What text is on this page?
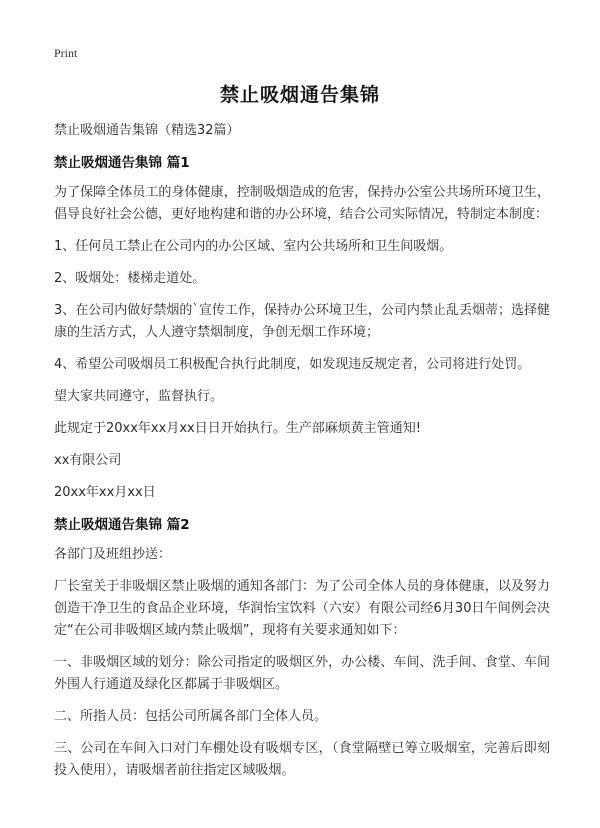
Print
禁止吸烟通告集锦

禁止吸烟通告集锦（精选32篇）

禁止吸烟通告集锦 篇1

为了保障全体员工的身体健康，控制吸烟造成的危害，保持办公室公共场所环境卫生，倡导良好社会公德，更好地构建和谐的办公环境，结合公司实际情况，特制定本制度：

1、任何员工禁止在公司内的办公区域、室内公共场所和卫生间吸烟。

2、吸烟处：楼梯走道处。

3、在公司内做好禁烟的`宣传工作，保持办公环境卫生，公司内禁止乱丢烟蒂；选择健康的生活方式，人人遵守禁烟制度，争创无烟工作环境；

4、希望公司吸烟员工积极配合执行此制度，如发现违反规定者，公司将进行处罚。

望大家共同遵守，监督执行。

此规定于20xx年xx月xx日日开始执行。生产部麻烦黄主管通知!

xx有限公司

20xx年xx月xx日

禁止吸烟通告集锦 篇2

各部门及班组抄送：

厂长室关于非吸烟区禁止吸烟的通知各部门：为了公司全体人员的身体健康，以及努力创造干净卫生的食品企业环境，华润怡宝饮料（六安）有限公司经6月30日午间例会决定“在公司非吸烟区域内禁止吸烟”，现将有关要求通知如下：

一、非吸烟区域的划分：除公司指定的吸烟区外，办公楼、车间、洗手间、食堂、车间外围人行通道及绿化区都属于非吸烟区。

二、所指人员：包括公司所属各部门全体人员。

三、公司在车间入口对门车棚处设有吸烟专区，（食堂隔壁已筹立吸烟室，完善后即刻投入使用），请吸烟者前往指定区域吸烟。
